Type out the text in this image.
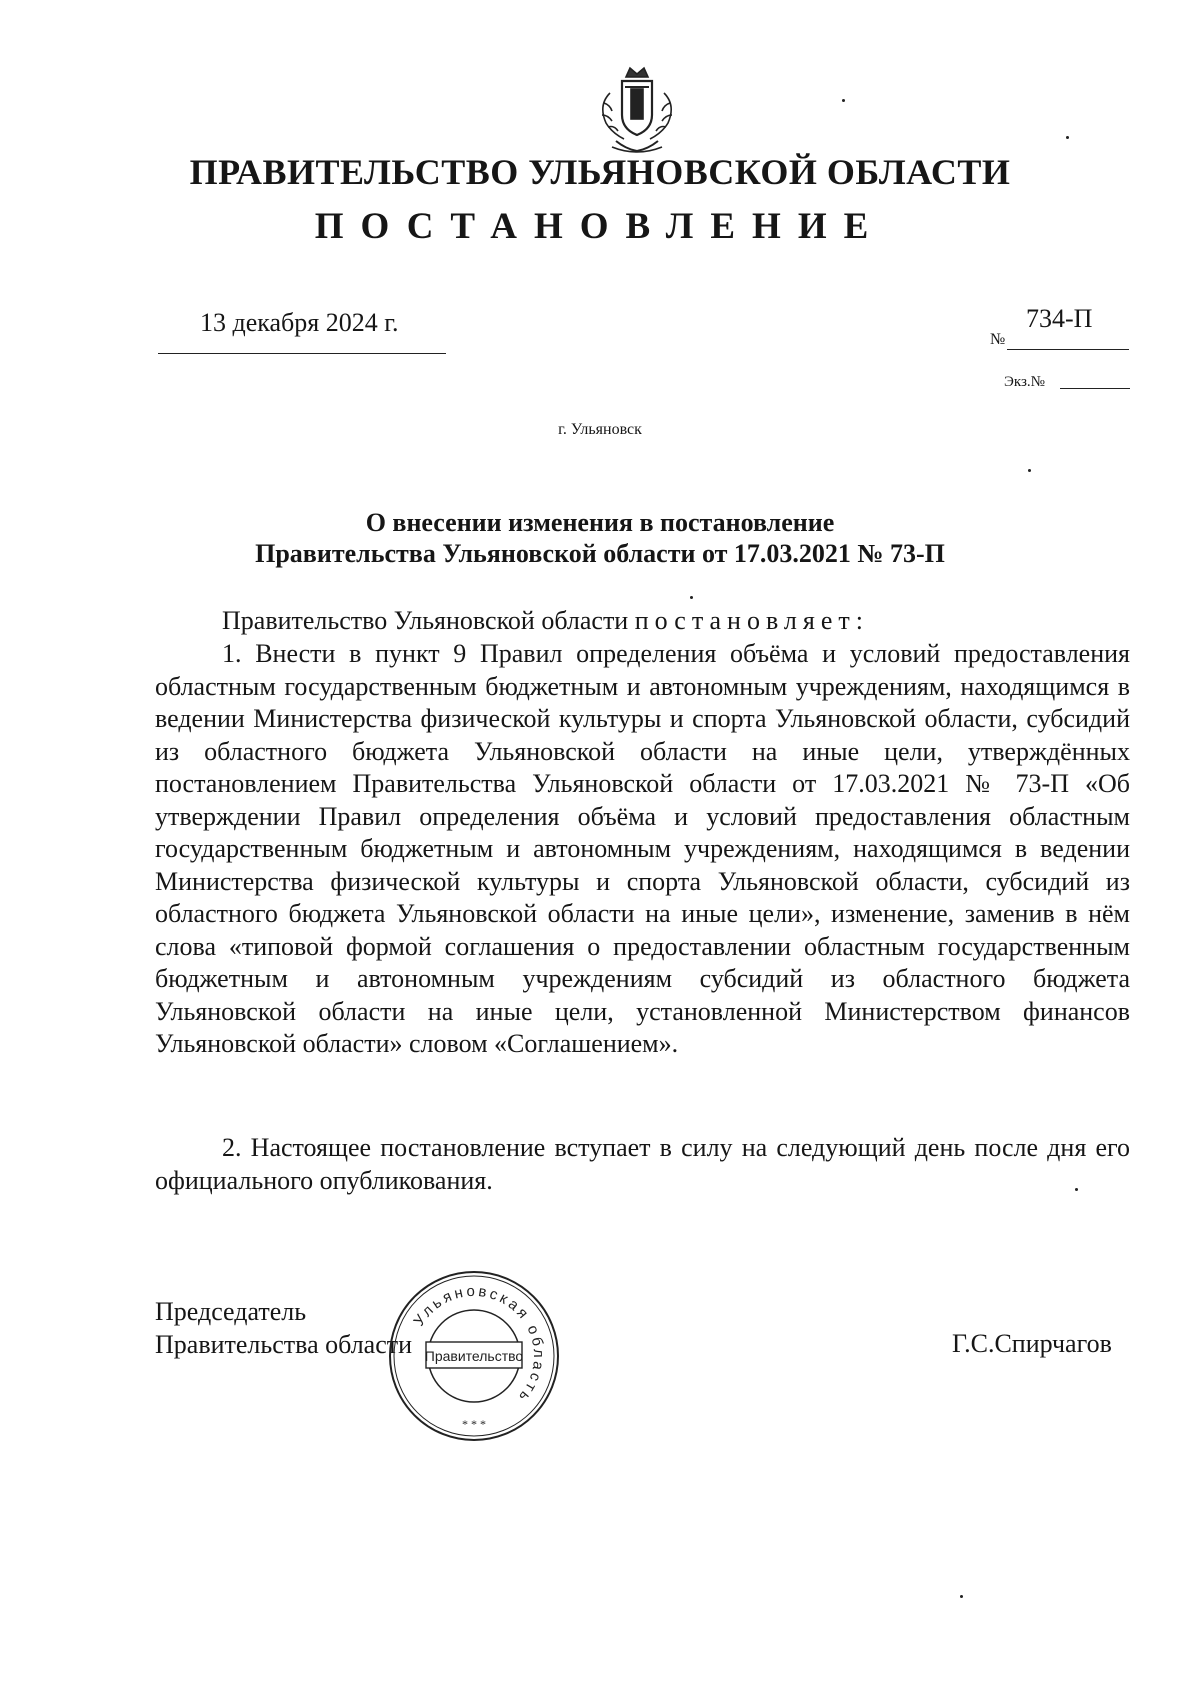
ПРАВИТЕЛЬСТВО УЛЬЯНОВСКОЙ ОБЛАСТИ
ПОСТАНОВЛЕНИЕ
13 декабря 2024 г.
№
734-П
Экз.№
г. Ульяновск
О внесении изменения в постановление
Правительства Ульяновской области от 17.03.2021 № 73-П
Правительство Ульяновской области постановляет:

1. Внести в пункт 9 Правил определения объёма и условий предоставления областным государственным бюджетным и автономным учреждениям, находящимся в ведении Министерства физической культуры и спорта Ульяновской области, субсидий из областного бюджета Ульяновской области на иные цели, утверждённых постановлением Правительства Ульяновской области от 17.03.2021 № 73-П «Об утверждении Правил определения объёма и условий предоставления областным государственным бюджетным и автономным учреждениям, находящимся в ведении Министерства физической культуры и спорта Ульяновской области, субсидий из областного бюджета Ульяновской области на иные цели», изменение, заменив в нём слова «типовой формой соглашения о предоставлении областным государственным бюджетным и автономным учреждениям субсидий из областного бюджета Ульяновской области на иные цели, установленной Министерством финансов Ульяновской области» словом «Соглашением».

2. Настоящее постановление вступает в силу на следующий день после дня его официального опубликования.

Председатель
Правительства области	Г.С.Спирчагов
Ульяновская область
Правительство
* * *
